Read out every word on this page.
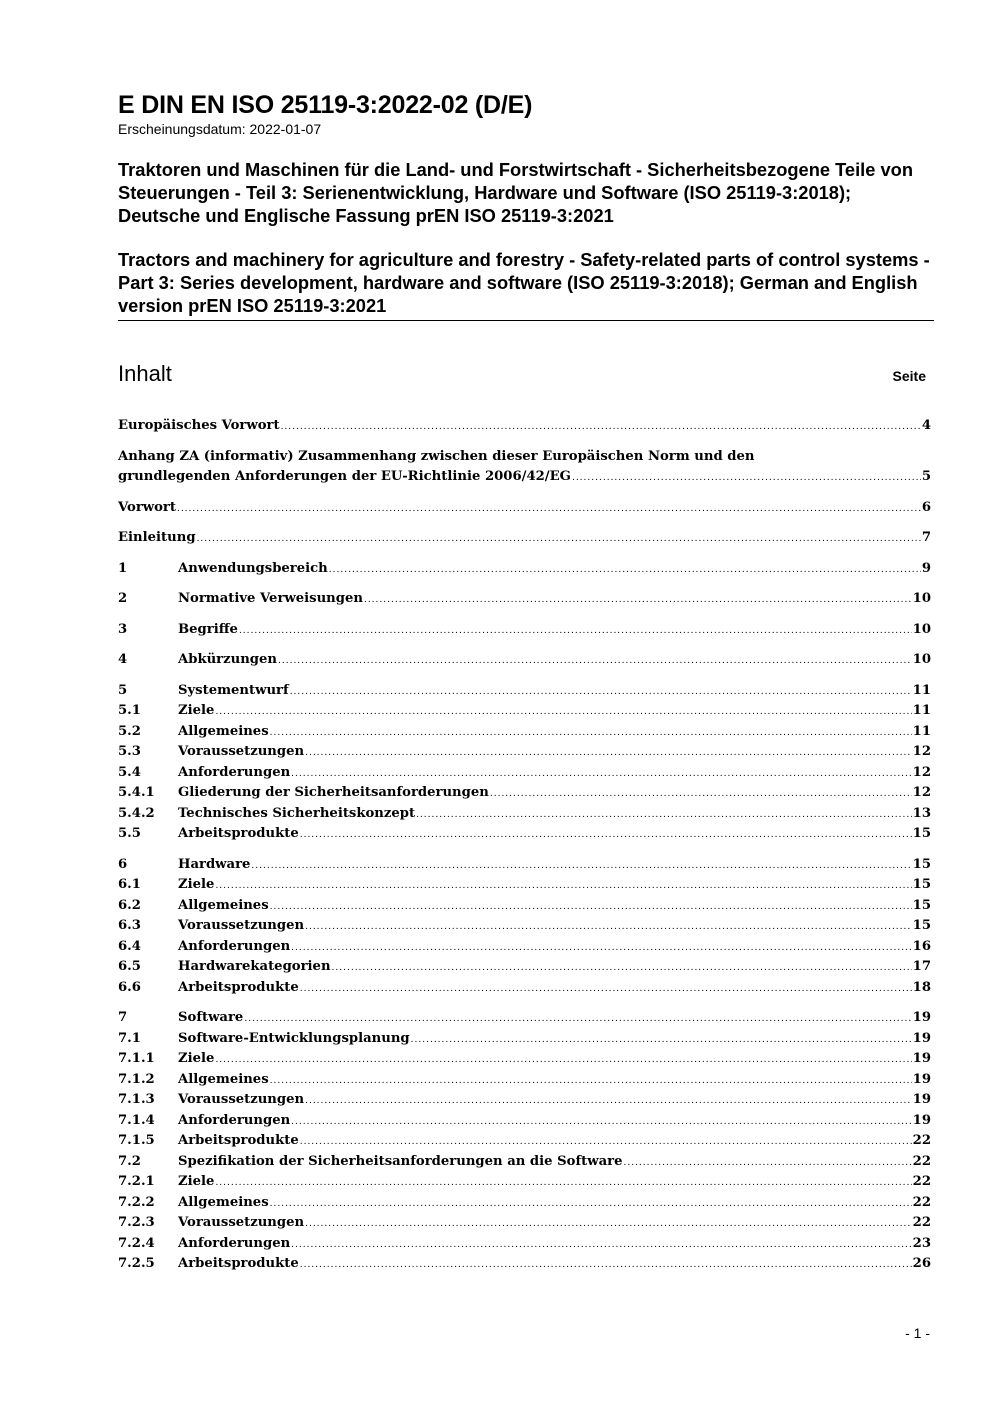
E DIN EN ISO 25119-3:2022-02 (D/E)
Erscheinungsdatum: 2022-01-07
Traktoren und Maschinen für die Land- und Forstwirtschaft - Sicherheitsbezogene Teile von Steuerungen - Teil 3: Serienentwicklung, Hardware und Software (ISO 25119-3:2018); Deutsche und Englische Fassung prEN ISO 25119-3:2021
Tractors and machinery for agriculture and forestry - Safety-related parts of control systems - Part 3: Series development, hardware and software (ISO 25119-3:2018); German and English version prEN ISO 25119-3:2021
Inhalt	Seite
Europäisches Vorwort .....	4
Anhang ZA (informativ) Zusammenhang zwischen dieser Europäischen Norm und den
grundlegenden Anforderungen der EU-Richtlinie 2006/42/EG .....	5
Vorwort .....	6
Einleitung .....	7
1	Anwendungsbereich .....	9
2	Normative Verweisungen .....	10
3	Begriffe .....	10
4	Abkürzungen .....	10
5	Systementwurf .....	11
5.1	Ziele .....	11
5.2	Allgemeines .....	11
5.3	Voraussetzungen .....	12
5.4	Anforderungen .....	12
5.4.1	Gliederung der Sicherheitsanforderungen .....	12
5.4.2	Technisches Sicherheitskonzept .....	13
5.5	Arbeitsprodukte .....	15
6	Hardware .....	15
6.1	Ziele .....	15
6.2	Allgemeines .....	15
6.3	Voraussetzungen .....	15
6.4	Anforderungen .....	16
6.5	Hardwarekategorien .....	17
6.6	Arbeitsprodukte .....	18
7	Software .....	19
7.1	Software-Entwicklungsplanung .....	19
7.1.1	Ziele .....	19
7.1.2	Allgemeines .....	19
7.1.3	Voraussetzungen .....	19
7.1.4	Anforderungen .....	19
7.1.5	Arbeitsprodukte .....	22
7.2	Spezifikation der Sicherheitsanforderungen an die Software .....	22
7.2.1	Ziele .....	22
7.2.2	Allgemeines .....	22
7.2.3	Voraussetzungen .....	22
7.2.4	Anforderungen .....	23
7.2.5	Arbeitsprodukte .....	26
- 1 -
